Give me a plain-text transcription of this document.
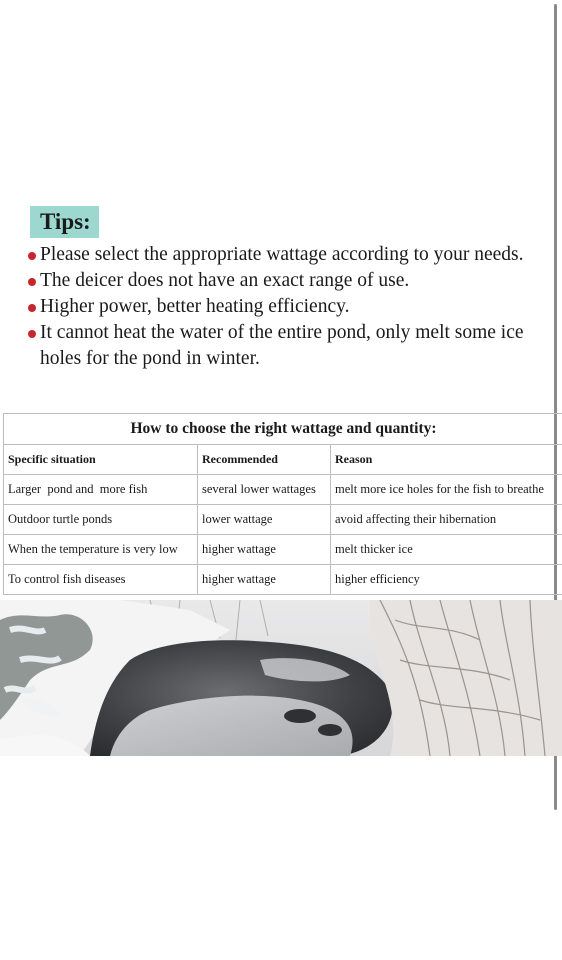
Tips:
Please select the appropriate wattage according to your needs.
The deicer does not have an exact range of use.
Higher power, better heating efficiency.
It cannot heat the water of the entire pond, only melt some ice holes for the pond in winter.
How to choose the right wattage and quantity:		
Specific situation	Recommended	Reason
Larger  pond and  more fish	several lower wattages	melt more ice holes for the fish to breathe
Outdoor turtle ponds	lower wattage	avoid affecting their hibernation
When the temperature is very low	higher wattage	melt thicker ice
To control fish diseases	higher wattage	higher efficiency
